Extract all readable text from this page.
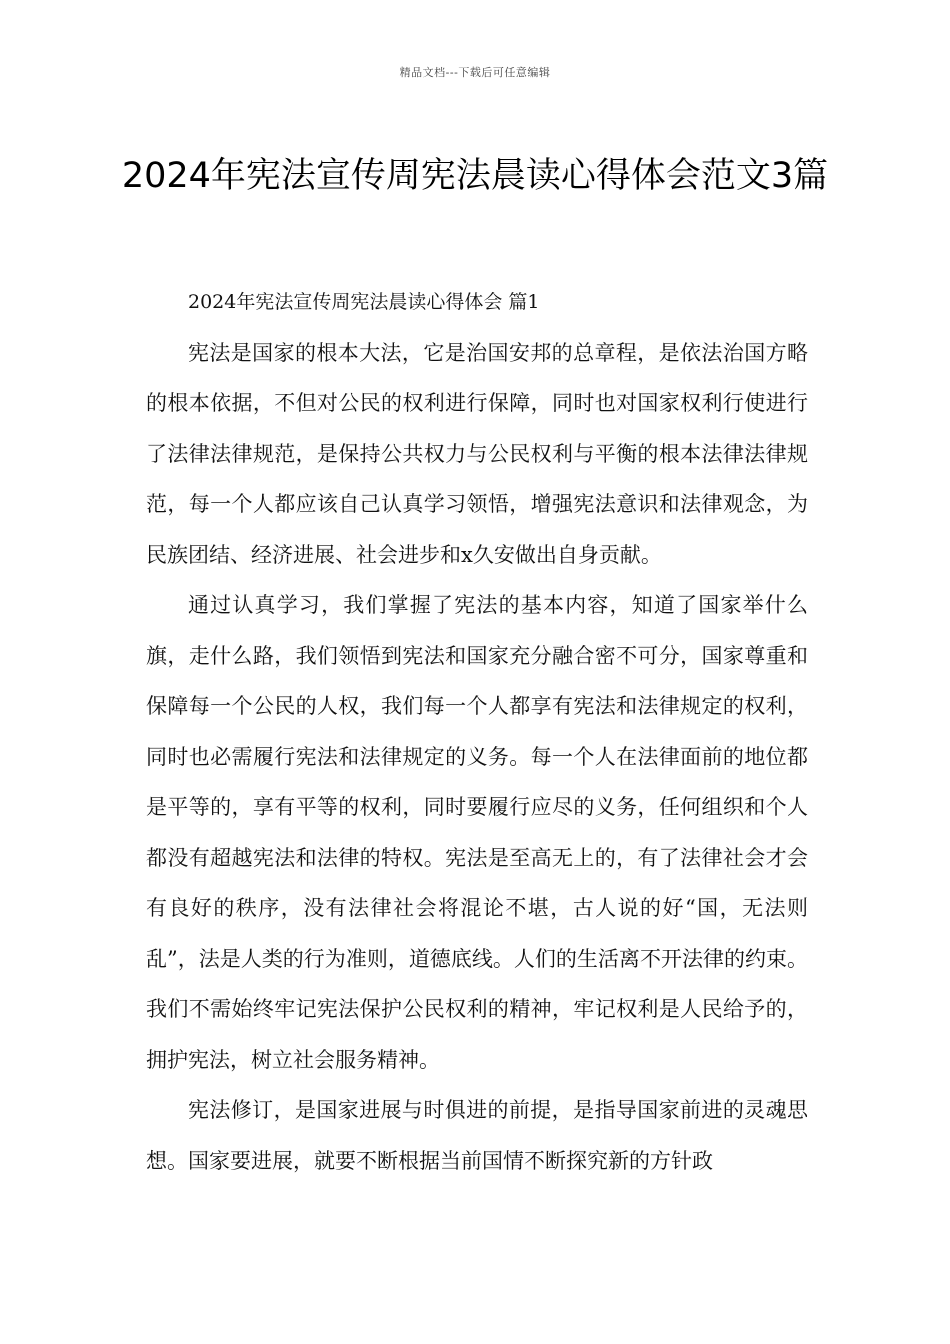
精品文档---下载后可任意编辑
2024年宪法宣传周宪法晨读心得体会范文3篇

2024年宪法宣传周宪法晨读心得体会 篇1

宪法是国家的根本大法，它是治国安邦的总章程，是依法治国方略的根本依据，不但对公民的权利进行保障，同时也对国家权利行使进行了法律法律规范，是保持公共权力与公民权利与平衡的根本法律法律规范，每一个人都应该自己认真学习领悟，增强宪法意识和法律观念，为民族团结、经济进展、社会进步和x久安做出自身贡献。

通过认真学习，我们掌握了宪法的基本内容，知道了国家举什么旗，走什么路，我们领悟到宪法和国家充分融合密不可分，国家尊重和保障每一个公民的人权，我们每一个人都享有宪法和法律规定的权利，同时也必需履行宪法和法律规定的义务。每一个人在法律面前的地位都是平等的，享有平等的权利，同时要履行应尽的义务，任何组织和个人都没有超越宪法和法律的特权。宪法是至高无上的，有了法律社会才会有良好的秩序，没有法律社会将混论不堪，古人说的好“国，无法则乱”，法是人类的行为准则，道德底线。人们的生活离不开法律的约束。我们不需始终牢记宪法保护公民权利的精神，牢记权利是人民给予的，拥护宪法，树立社会服务精神。

宪法修订，是国家进展与时俱进的前提，是指导国家前进的灵魂思想。国家要进展，就要不断根据当前国情不断探究新的方针政
